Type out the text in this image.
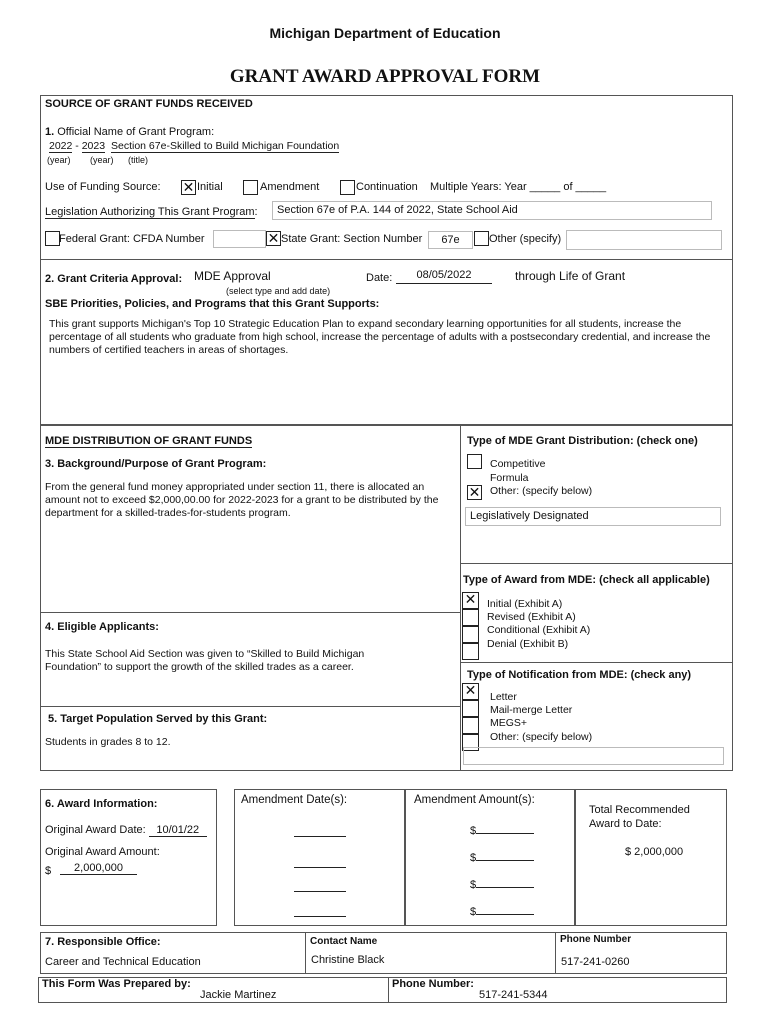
Michigan Department of Education
GRANT AWARD APPROVAL FORM
SOURCE OF GRANT FUNDS RECEIVED
1. Official Name of Grant Program:
2022 - 2023 Section 67e-Skilled to Build Michigan Foundation
(year) (year) (title)
Use of Funding Source: ✕	Initial	Amendment	Continuation Multiple Years: Year _____ of _____
Legislation Authorizing This Grant Program:	Section 67e of P.A. 144 of 2022, State School Aid
Federal Grant: CFDA Number ✕	State Grant: Section Number	67e	Other (specify)
2. Grant Criteria Approval: MDE Approval
(select type and add date)
Date:	08/05/2022	through Life of Grant
SBE Priorities, Policies, and Programs that this Grant Supports:
This grant supports Michigan's Top 10 Strategic Education Plan to expand secondary learning opportunities for all students, increase the percentage of all students who graduate from high school, increase the percentage of adults with a postsecondary credential, and increase the numbers of certified teachers in areas of shortages.
MDE DISTRIBUTION OF GRANT FUNDS
3. Background/Purpose of Grant Program:
From the general fund money appropriated under section 11, there is allocated an amount not to exceed $2,000,00.00 for 2022-2023 for a grant to be distributed by the department for a skilled-trades-for-students program.
4. Eligible Applicants:
This State School Aid Section was given to “Skilled to Build Michigan Foundation” to support the growth of the skilled trades as a career.
5. Target Population Served by this Grant:
Students in grades 8 to 12.
Type of MDE Grant Distribution: (check one)
✕
Competitive
Formula
Other: (specify below)
Legislatively Designated
Type of Award from MDE: (check all applicable)
✕
Initial (Exhibit A)
Revised (Exhibit A)
Conditional (Exhibit A)
Denial (Exhibit B)
Type of Notification from MDE: (check any)
✕
Letter
Mail-merge Letter
MEGS+
Other: (specify below)
6. Award Information:
Original Award Date: 10/01/22
Original Award Amount:
$	2,000,000
Amendment Date(s):	Amendment Amount(s):
$
$
$
$
Total Recommended Award to Date:
$ 2,000,000
7. Responsible Office:
Career and Technical Education
Contact Name
Christine Black
Phone Number
517-241-0260
This Form Was Prepared by:
Jackie Martinez
Phone Number:
517-241-5344
